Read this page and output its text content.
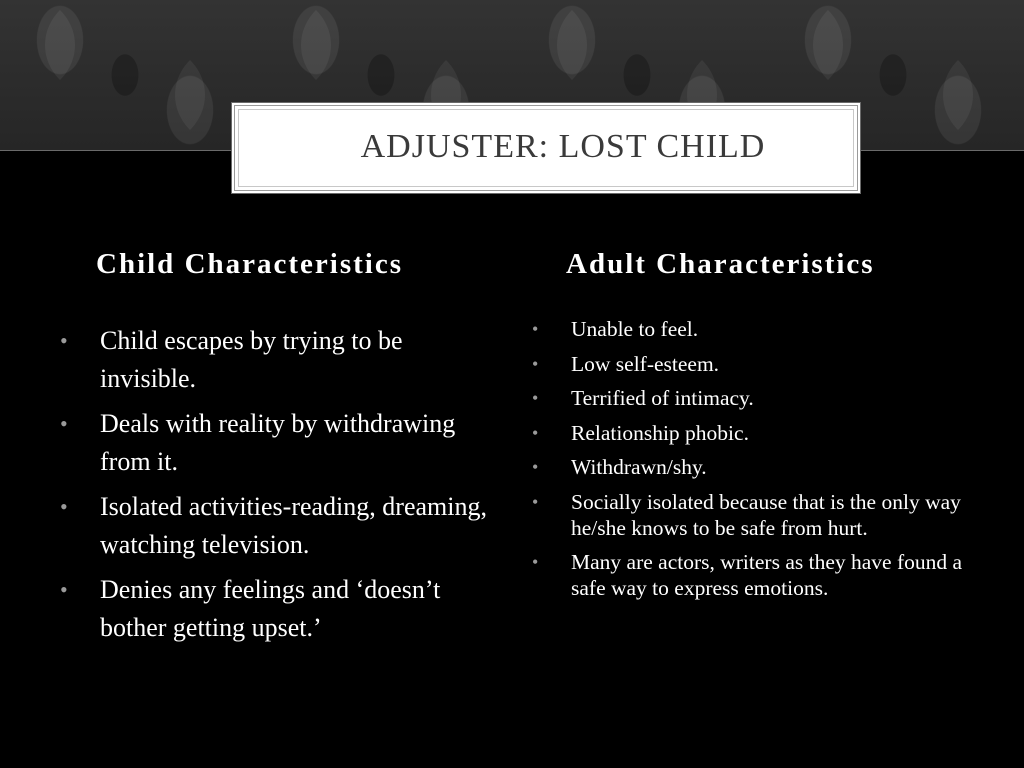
ADJUSTER: LOST CHILD
Child Characteristics	Adult Characteristics
• Child escapes by trying to be invisible.
• Deals with reality by withdrawing from it.
• Isolated activities-reading, dreaming, watching television.
• Denies any feelings and ‘doesn’t bother getting upset.’
• Unable to feel.
• Low self-esteem.
• Terrified of intimacy.
• Relationship phobic.
• Withdrawn/shy.
• Socially isolated because that is the only way he/she knows to be safe from hurt.
• Many are actors, writers as they have found a safe way to express emotions.
